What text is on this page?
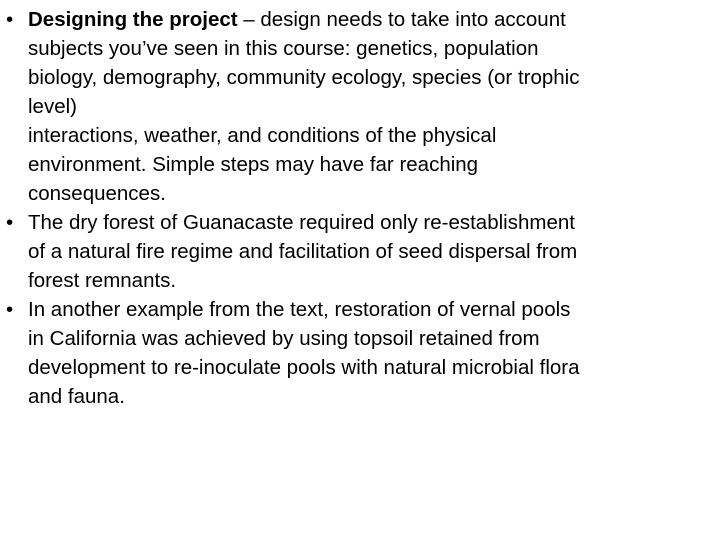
• Designing the project – design needs to take into account
subjects you’ve seen in this course: genetics, population
biology, demography, community ecology, species (or trophic
level)
interactions, weather, and conditions of the physical
environment. Simple steps may have far reaching
consequences.
• The dry forest of Guanacaste required only re-establishment
of a natural fire regime and facilitation of seed dispersal from
forest remnants.
• In another example from the text, restoration of vernal pools
in California was achieved by using topsoil retained from
development to re-inoculate pools with natural microbial flora
and fauna.
